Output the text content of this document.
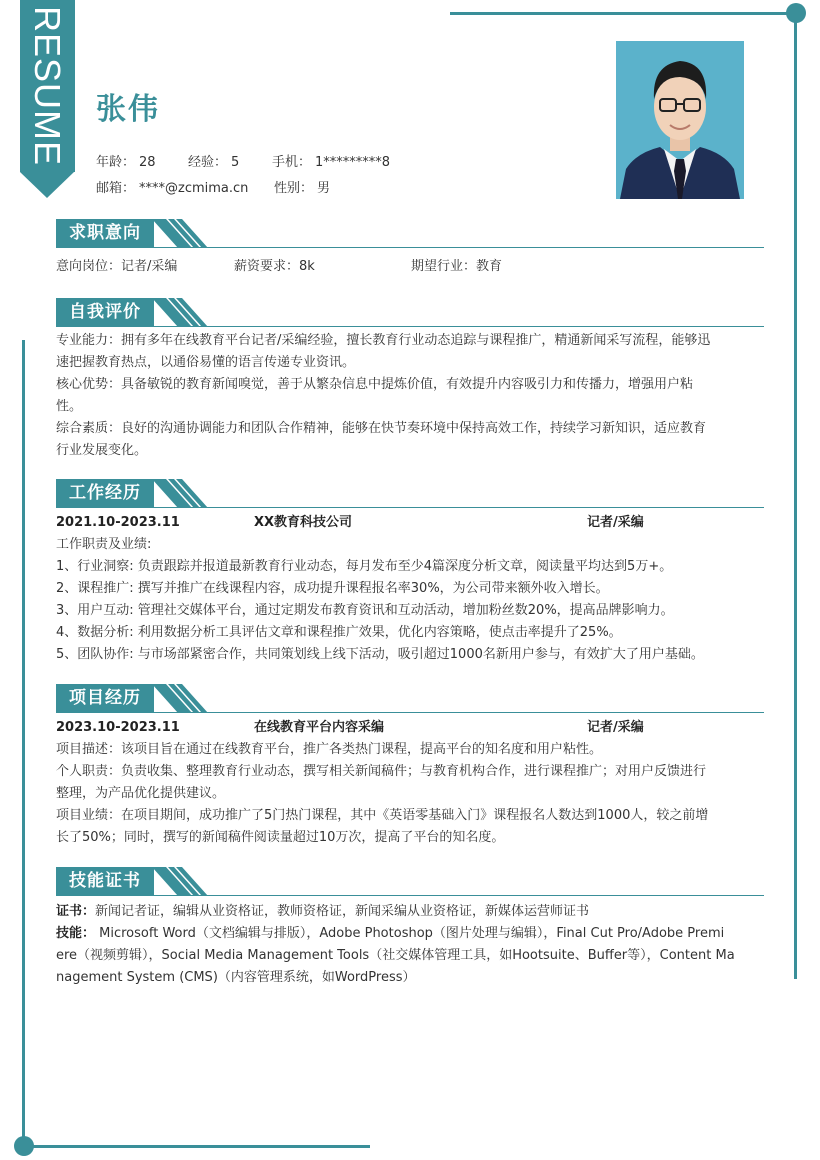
RESUME 张伟
年龄： 28 经验： 5	手机： 1*********8
邮箱： ****@zcmima.cn 性别： 男
求职意向
意向岗位：记者/采编	薪资要求：8k	期望行业：教育
自我评价
专业能力：拥有多年在线教育平台记者/采编经验，擅长教育行业动态追踪与课程推广，精通新闻采写流程，能够迅
速把握教育热点，以通俗易懂的语言传递专业资讯。
核心优势：具备敏锐的教育新闻嗅觉，善于从繁杂信息中提炼价值，有效提升内容吸引力和传播力，增强用户粘
性。
综合素质：良好的沟通协调能力和团队合作精神，能够在快节奏环境中保持高效工作，持续学习新知识，适应教育
行业发展变化。
工作经历
2021.10-2023.11	XX教育科技公司	记者/采编
工作职责及业绩:
1、行业洞察: 负责跟踪并报道最新教育行业动态，每月发布至少4篇深度分析文章，阅读量平均达到5万+。
2、课程推广: 撰写并推广在线课程内容，成功提升课程报名率30%，为公司带来额外收入增长。
3、用户互动: 管理社交媒体平台，通过定期发布教育资讯和互动活动，增加粉丝数20%，提高品牌影响力。
4、数据分析: 利用数据分析工具评估文章和课程推广效果，优化内容策略，使点击率提升了25%。
5、团队协作: 与市场部紧密合作，共同策划线上线下活动，吸引超过1000名新用户参与，有效扩大了用户基础。
项目经历
2023.10-2023.11	在线教育平台内容采编	记者/采编
项目描述：该项目旨在通过在线教育平台，推广各类热门课程，提高平台的知名度和用户粘性。
个人职责：负责收集、整理教育行业动态，撰写相关新闻稿件；与教育机构合作，进行课程推广；对用户反馈进行
整理，为产品优化提供建议。
项目业绩：在项目期间，成功推广了5门热门课程，其中《英语零基础入门》课程报名人数达到1000人，较之前增
长了50%；同时，撰写的新闻稿件阅读量超过10万次，提高了平台的知名度。
技能证书
证书：新闻记者证，编辑从业资格证，教师资格证，新闻采编从业资格证，新媒体运营师证书
技能： Microsoft Word（文档编辑与排版），Adobe Photoshop（图片处理与编辑），Final Cut Pro/Adobe Premi
ere（视频剪辑），Social Media Management Tools（社交媒体管理工具，如Hootsuite、Buffer等），Content Ma
nagement System (CMS)（内容管理系统，如WordPress）
